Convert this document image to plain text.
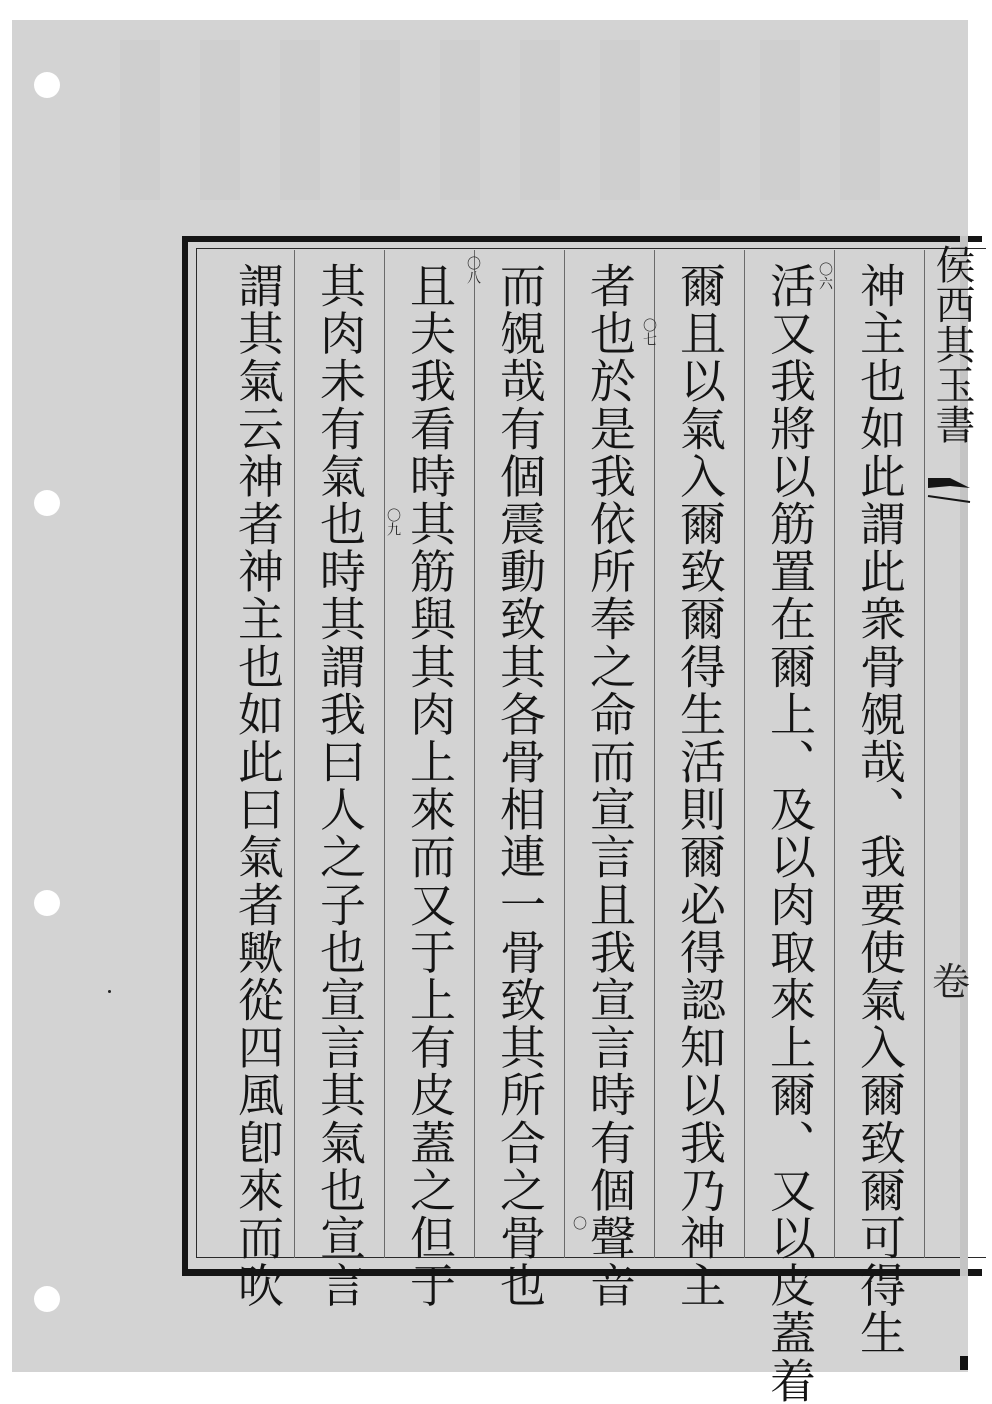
神主也如此謂此衆骨覙哉、我要使氣入爾致爾可得生
活又我將以筋置在爾上、及以肉取來上爾、又以皮蓋着
爾且以氣入爾致爾得生活則爾必得認知以我乃神主
者也於是我依所奉之命而宣言且我宣言時有個聲音
而覙哉有個震動致其各骨相連一骨致其所合之骨也
且夫我看時其筋與其肉上來而又于上有皮蓋之但于
其肉未有氣也時其謂我曰人之子也宣言其氣也宣言
謂其氣云神者神主也如此曰氣者歟從四風卽來而吹	〇六
〇七
〇八
〇九
〇
侯西其玉書
卷
